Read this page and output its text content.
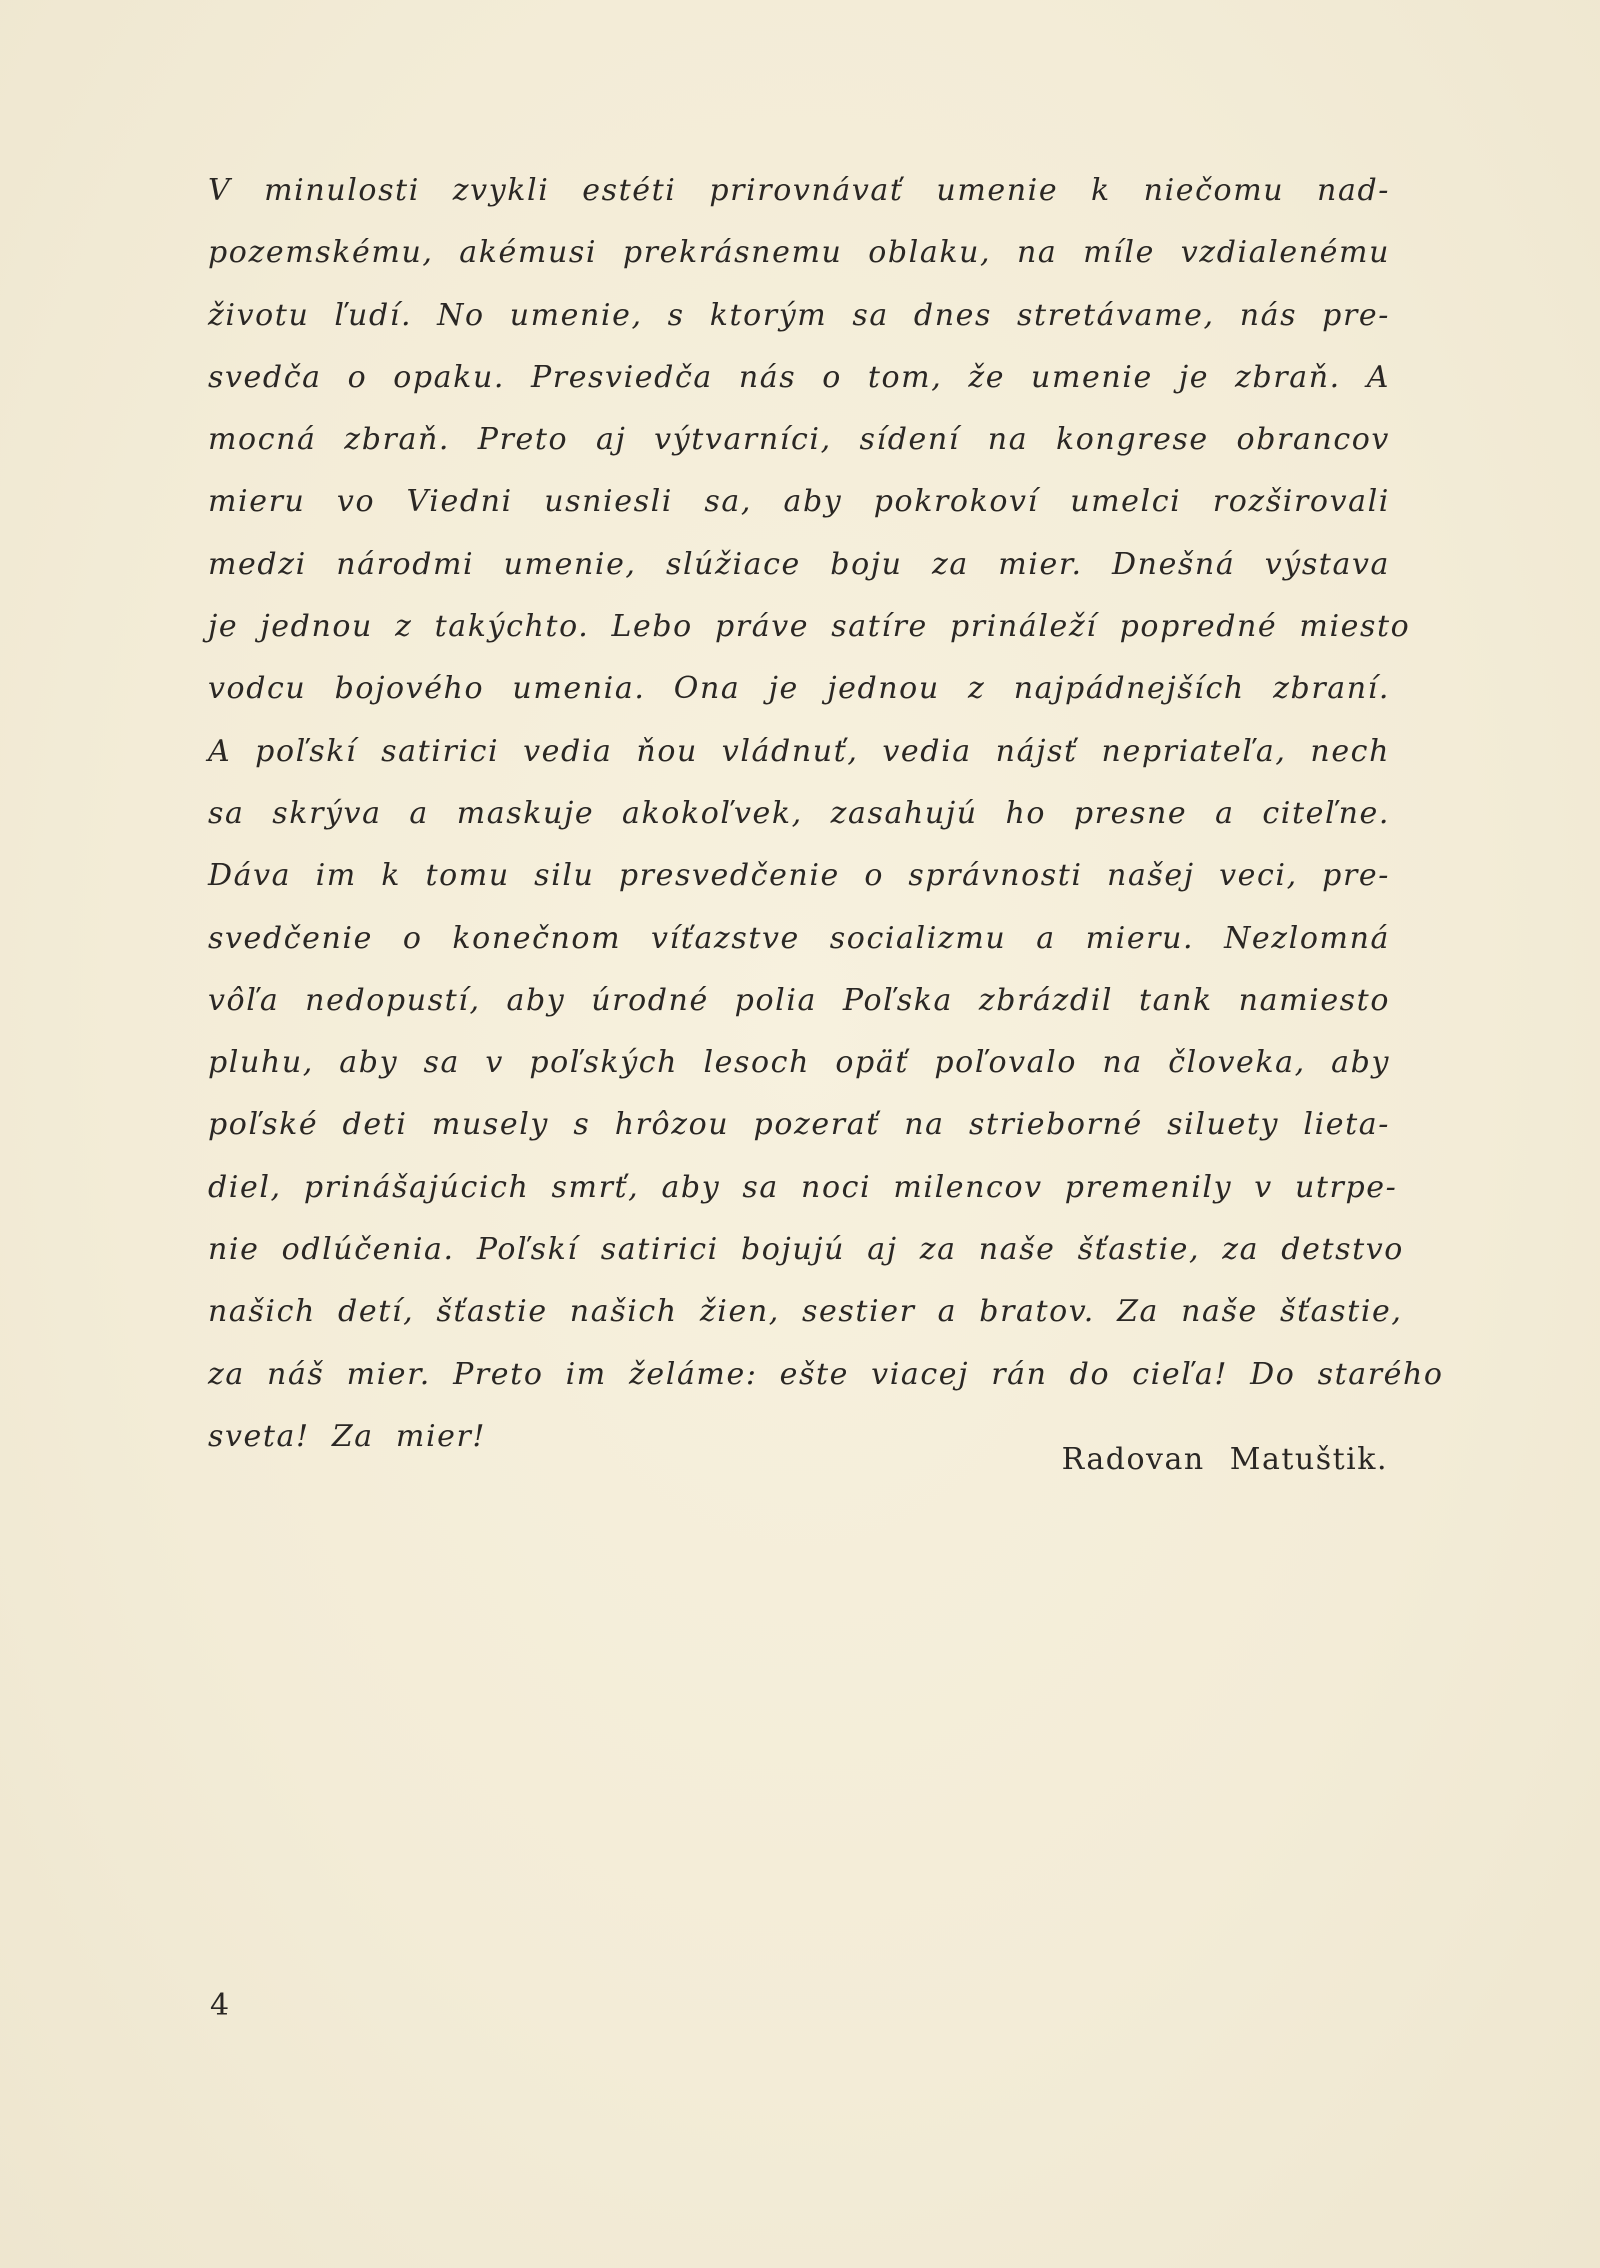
V minulosti zvykli estéti prirovnávať umenie k niečomu nad-
pozemskému, akémusi prekrásnemu oblaku, na míle vzdialenému
životu ľudí. No umenie, s ktorým sa dnes stretávame, nás pre-
svedča o opaku. Presviedča nás o tom, že umenie je zbraň. A
mocná zbraň. Preto aj výtvarníci, sídení na kongrese obrancov
mieru vo Viedni usniesli sa, aby pokrokoví umelci rozširovali
medzi národmi umenie, slúžiace boju za mier. Dnešná výstava
je jednou z takýchto. Lebo práve satíre prináleží popredné miesto
vodcu bojového umenia. Ona je jednou z najpádnejších zbraní.
A poľskí satirici vedia ňou vládnuť, vedia nájsť nepriateľa, nech
sa skrýva a maskuje akokoľvek, zasahujú ho presne a citeľne.
Dáva im k tomu silu presvedčenie o správnosti našej veci, pre-
svedčenie o konečnom víťazstve socializmu a mieru. Nezlomná
vôľa nedopustí, aby úrodné polia Poľska zbrázdil tank namiesto
pluhu, aby sa v poľských lesoch opäť poľovalo na človeka, aby
poľské deti musely s hrôzou pozerať na strieborné siluety lieta-
diel, prinášajúcich smrť, aby sa noci milencov premenily v utrpe-
nie odlúčenia. Poľskí satirici bojujú aj za naše šťastie, za detstvo
našich detí, šťastie našich žien, sestier a bratov. Za naše šťastie,
za náš mier. Preto im želáme: ešte viacej rán do cieľa! Do starého
sveta! Za mier!

Radovan Matuštik.

4
